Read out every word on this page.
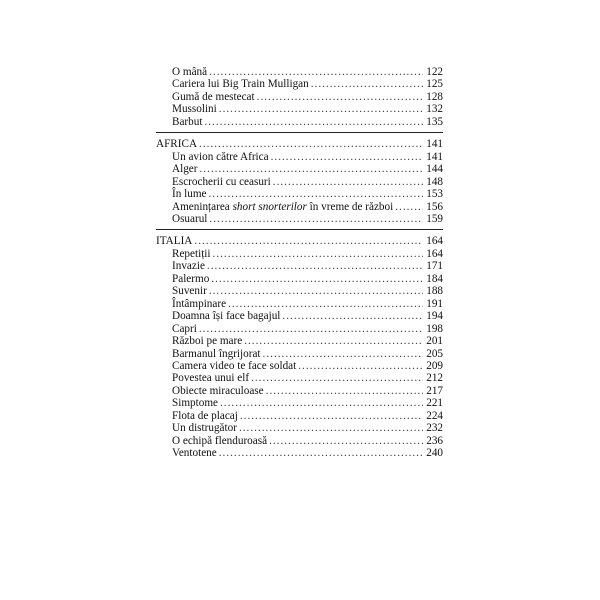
O mână .....	122
Cariera lui Big Train Mulligan .....	125
Gumă de mestecat .....	128
Mussolini .....	132
Barbut .....	135
AFRICA .....	141
Un avion către Africa .....	141
Alger .....	144
Escrocherii cu ceasuri .....	148
În lume .....	153
Amenințarea short snorterilor în vreme de război .....	156
Osuarul .....	159
ITALIA .....	164
Repetiții .....	164
Invazie .....	171
Palermo .....	184
Suvenir .....	188
Întâmpinare .....	191
Doamna își face bagajul .....	194
Capri .....	198
Război pe mare .....	201
Barmanul îngrijorat .....	205
Camera video te face soldat .....	209
Povestea unui elf .....	212
Obiecte miraculoase .....	217
Simptome .....	221
Flota de placaj .....	224
Un distrugător .....	232
O echipă flenduroasă .....	236
Ventotene .....	240
